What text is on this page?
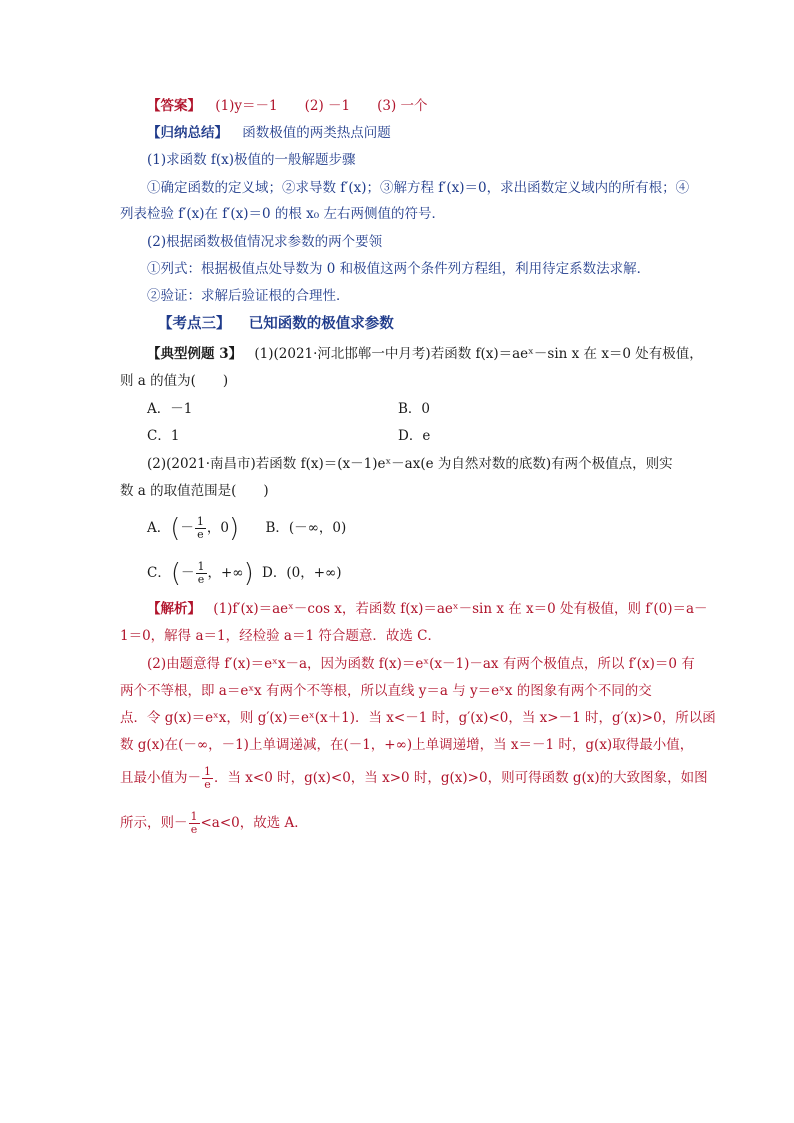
【答案】 (1)y＝－1　　(2) －1　　(3) 一个
【归纳总结】 函数极值的两类热点问题
(1)求函数 f(x)极值的一般解题步骤
①确定函数的定义域；②求导数 f′(x)；③解方程 f′(x)＝0，求出函数定义域内的所有根；④
列表检验 f′(x)在 f′(x)＝0 的根 x₀ 左右两侧值的符号．
(2)根据函数极值情况求参数的两个要领
①列式：根据极值点处导数为 0 和极值这两个条件列方程组，利用待定系数法求解．
②验证：求解后验证根的合理性．
【考点三】 已知函数的极值求参数
【典型例题 3】 (1)(2021·河北邯郸一中月考)若函数 f(x)＝aeˣ－sin x 在 x＝0 处有极值，
则 a 的值为(　　)
A．－1	B．0
C．1	D．e
(2)(2021·南昌市)若函数 f(x)＝(x－1)eˣ－ax(e 为自然对数的底数)有两个极值点，则实
数 a 的取值范围是(　　)
A．(－ $\frac{1}{e}$ ，0) B．(－∞，0)
C．(－ $\frac{1}{e}$ ，+∞) D．(0，+∞)
【解析】 (1)f′(x)＝aeˣ－cos x，若函数 f(x)＝aeˣ－sin x 在 x＝0 处有极值，则 f′(0)＝a－
1＝0，解得 a＝1，经检验 a＝1 符合题意．故选 C．
(2)由题意得 f′(x)＝eˣx－a，因为函数 f(x)＝eˣ(x－1)－ax 有两个极值点，所以 f′(x)＝0 有
两个不等根，即 a＝eˣx 有两个不等根，所以直线 y＝a 与 y＝eˣx 的图象有两个不同的交
点．令 g(x)＝eˣx，则 g′(x)＝eˣ(x＋1)．当 x<－1 时，g′(x)<0，当 x>－1 时，g′(x)>0，所以函
数 g(x)在(－∞，－1)上单调递减，在(－1，+∞)上单调递增，当 x＝－1 时，g(x)取得最小值，
且最小值为－ $\frac{1}{e}$ ．当 x<0 时，g(x)<0，当 x>0 时，g(x)>0，则可得函数 g(x)的大致图象，如图
所示，则－ $\frac{1}{e} <a<0$，故选 A．
